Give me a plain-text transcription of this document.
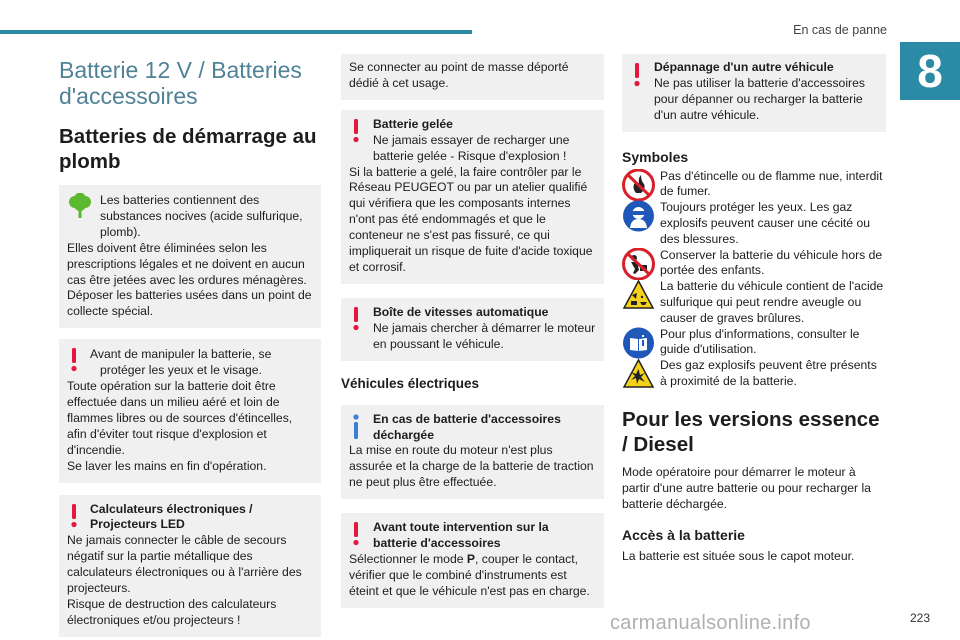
En cas de panne
8
Batterie 12 V / Batteries d'accessoires
Batteries de démarrage au plomb
Les batteries contiennent des
substances nocives (acide sulfurique, plomb).
Elles doivent être éliminées selon les prescriptions légales et ne doivent en aucun cas être jetées avec les ordures ménagères.
Déposer les batteries usées dans un point de collecte spécial.
Avant de manipuler la batterie, se
protéger les yeux et le visage.
Toute opération sur la batterie doit être effectuée dans un milieu aéré et loin de flammes libres ou de sources d'étincelles, afin d'éviter tout risque d'explosion et d'incendie.
Se laver les mains en fin d'opération.
Calculateurs électroniques / Projecteurs LED
Ne jamais connecter le câble de secours négatif sur la partie métallique des calculateurs électroniques ou à l'arrière des projecteurs.
Risque de destruction des calculateurs électroniques et/ou projecteurs !
Se connecter au point de masse déporté dédié à cet usage.
Batterie gelée
Ne jamais essayer de recharger une batterie gelée - Risque d'explosion !
Si la batterie a gelé, la faire contrôler par le Réseau PEUGEOT ou par un atelier qualifié qui vérifiera que les composants internes n'ont pas été endommagés et que le conteneur ne s'est pas fissuré, ce qui impliquerait un risque de fuite d'acide toxique et corrosif.
Boîte de vitesses automatique
Ne jamais chercher à démarrer le moteur en poussant le véhicule.
Véhicules électriques
En cas de batterie d'accessoires déchargée
La mise en route du moteur n'est plus assurée et la charge de la batterie de traction ne peut plus être effectuée.
Avant toute intervention sur la batterie d'accessoires
Sélectionner le mode P, couper le contact, vérifier que le combiné d'instruments est éteint et que le véhicule n'est pas en charge.
Dépannage d'un autre véhicule
Ne pas utiliser la batterie d'accessoires pour dépanner ou recharger la batterie d'un autre véhicule.
Symboles
Pas d'étincelle ou de flamme nue, interdit de fumer.
Toujours protéger les yeux. Les gaz explosifs peuvent causer une cécité ou des blessures.
Conserver la batterie du véhicule hors de portée des enfants.
La batterie du véhicule contient de l'acide sulfurique qui peut rendre aveugle ou causer de graves brûlures.
Pour plus d'informations, consulter le guide d'utilisation.
Des gaz explosifs peuvent être présents à proximité de la batterie.
Pour les versions essence / Diesel

Mode opératoire pour démarrer le moteur à partir d'une autre batterie ou pour recharger la batterie déchargée.

Accès à la batterie

La batterie est située sous le capot moteur.

carmanualsonline.info	223
